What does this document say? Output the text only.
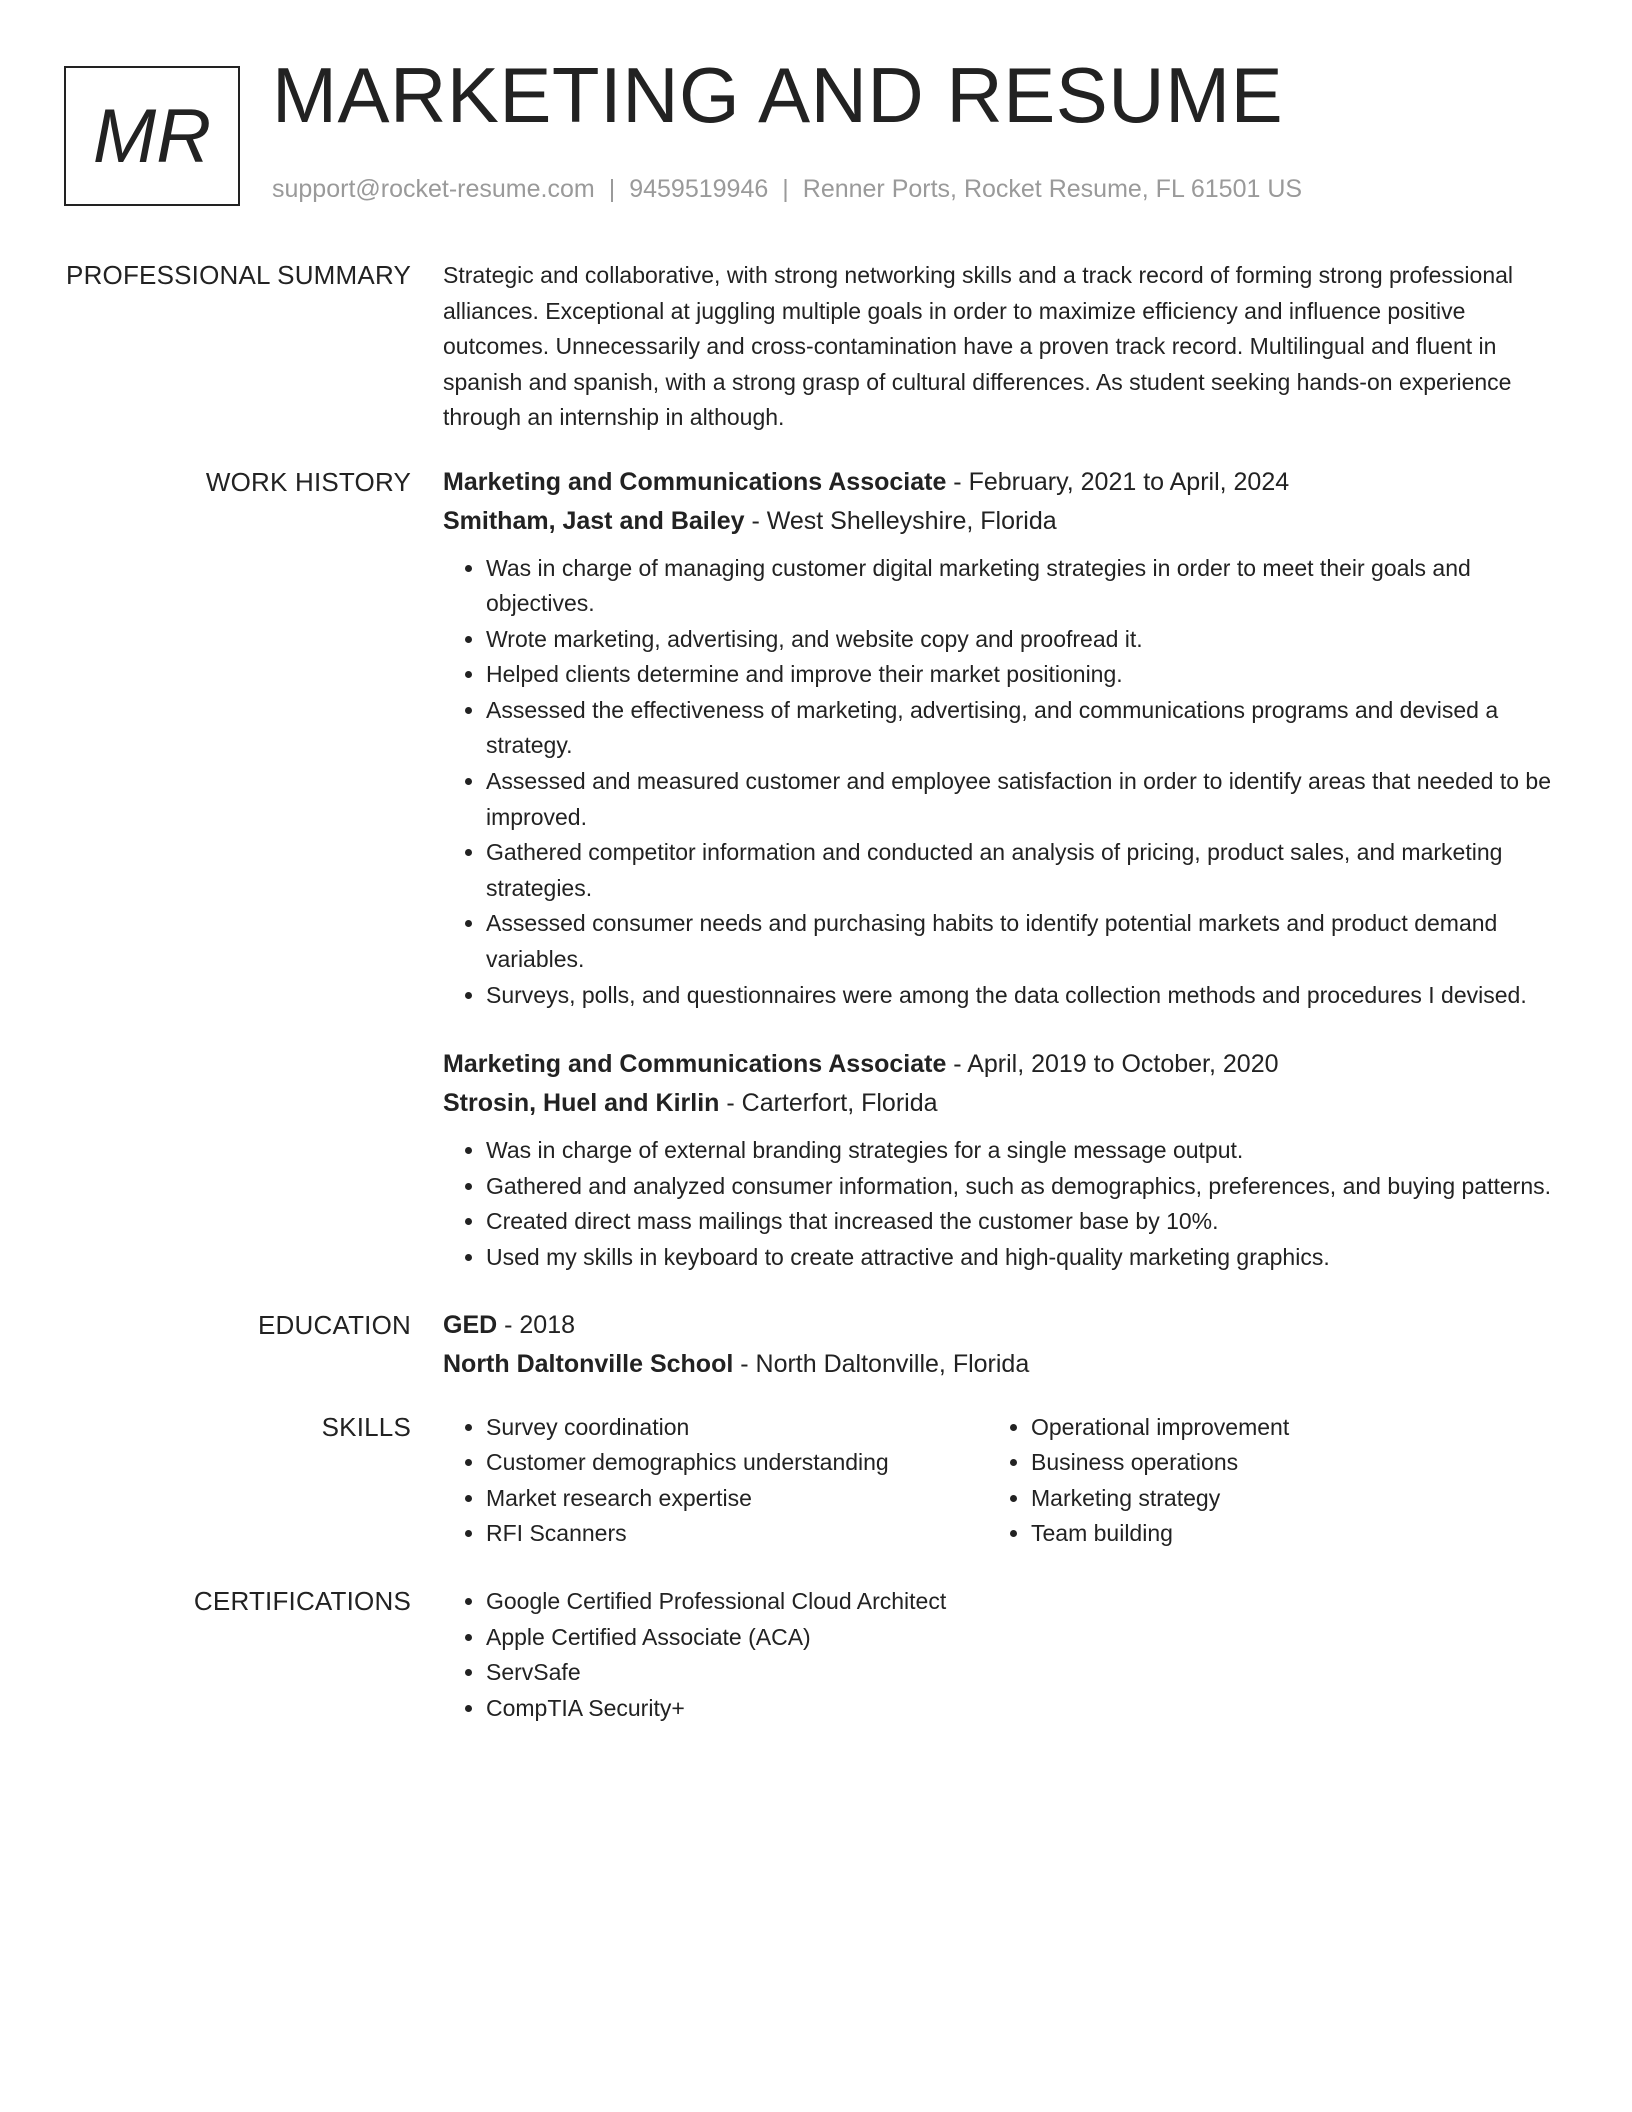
MR MARKETING AND RESUME
support@rocket-resume.com | 9459519946 | Renner Ports, Rocket Resume, FL 61501 US
PROFESSIONAL SUMMARY Strategic and collaborative, with strong networking skills and a track record of forming strong professional alliances. Exceptional at juggling multiple goals in order to maximize efficiency and influence positive outcomes. Unnecessarily and cross-contamination have a proven track record. Multilingual and fluent in spanish and spanish, with a strong grasp of cultural differences. As student seeking hands-on experience through an internship in although.

WORK HISTORY Marketing and Communications Associate - February, 2021 to April, 2024
Smitham, Jast and Bailey - West Shelleyshire, Florida
• Was in charge of managing customer digital marketing strategies in order to meet their goals and objectives.
• Wrote marketing, advertising, and website copy and proofread it.
• Helped clients determine and improve their market positioning.
• Assessed the effectiveness of marketing, advertising, and communications programs and devised a strategy.
• Assessed and measured customer and employee satisfaction in order to identify areas that needed to be improved.
• Gathered competitor information and conducted an analysis of pricing, product sales, and marketing strategies.
• Assessed consumer needs and purchasing habits to identify potential markets and product demand variables.
• Surveys, polls, and questionnaires were among the data collection methods and procedures I devised.
Marketing and Communications Associate - April, 2019 to October, 2020
Strosin, Huel and Kirlin - Carterfort, Florida
• Was in charge of external branding strategies for a single message output.
• Gathered and analyzed consumer information, such as demographics, preferences, and buying patterns.
• Created direct mass mailings that increased the customer base by 10%.
• Used my skills in keyboard to create attractive and high-quality marketing graphics.
EDUCATION GED - 2018
North Daltonville School - North Daltonville, Florida
SKILLS	• Survey coordination
• Customer demographics understanding
• Market research expertise
• RFI Scanners
• Operational improvement
• Business operations
• Marketing strategy
• Team building
CERTIFICATIONS	• Google Certified Professional Cloud Architect
• Apple Certified Associate (ACA)
• ServSafe
• CompTIA Security+
